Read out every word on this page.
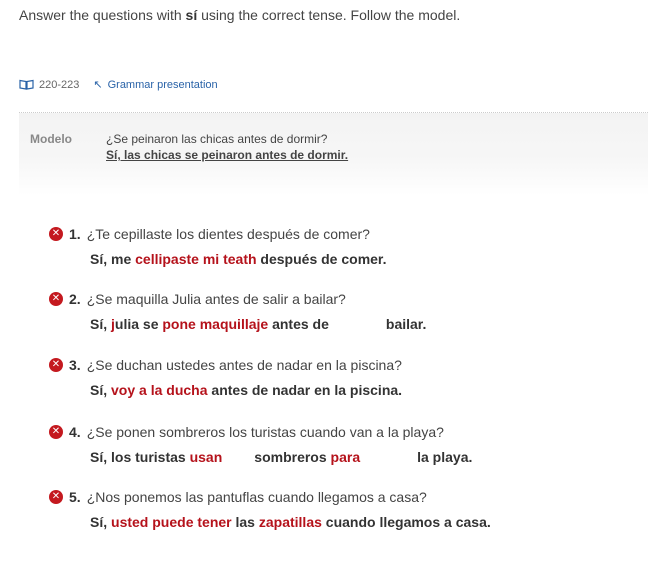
Answer the questions with sí using the correct tense. Follow the model.
220-223 ↖ Grammar presentation
Modelo	¿Se peinaron las chicas antes de dormir?
Sí, las chicas se peinaron antes de dormir.
✕ 1. ¿Te cepillaste los dientes después de comer?
Sí, me cellipaste mi teath después de comer.
✕ 2. ¿Se maquilla Julia antes de salir a bailar?
Sí, julia se pone maquillaje antes de	bailar.
✕ 3. ¿Se duchan ustedes antes de nadar en la piscina?
Sí, voy a la ducha antes de nadar en la piscina.
✕ 4. ¿Se ponen sombreros los turistas cuando van a la playa?
Sí, los turistas usan sombreros para	la playa.
✕ 5. ¿Nos ponemos las pantuflas cuando llegamos a casa?
Sí, usted puede tener las zapatillas cuando llegamos a casa.
